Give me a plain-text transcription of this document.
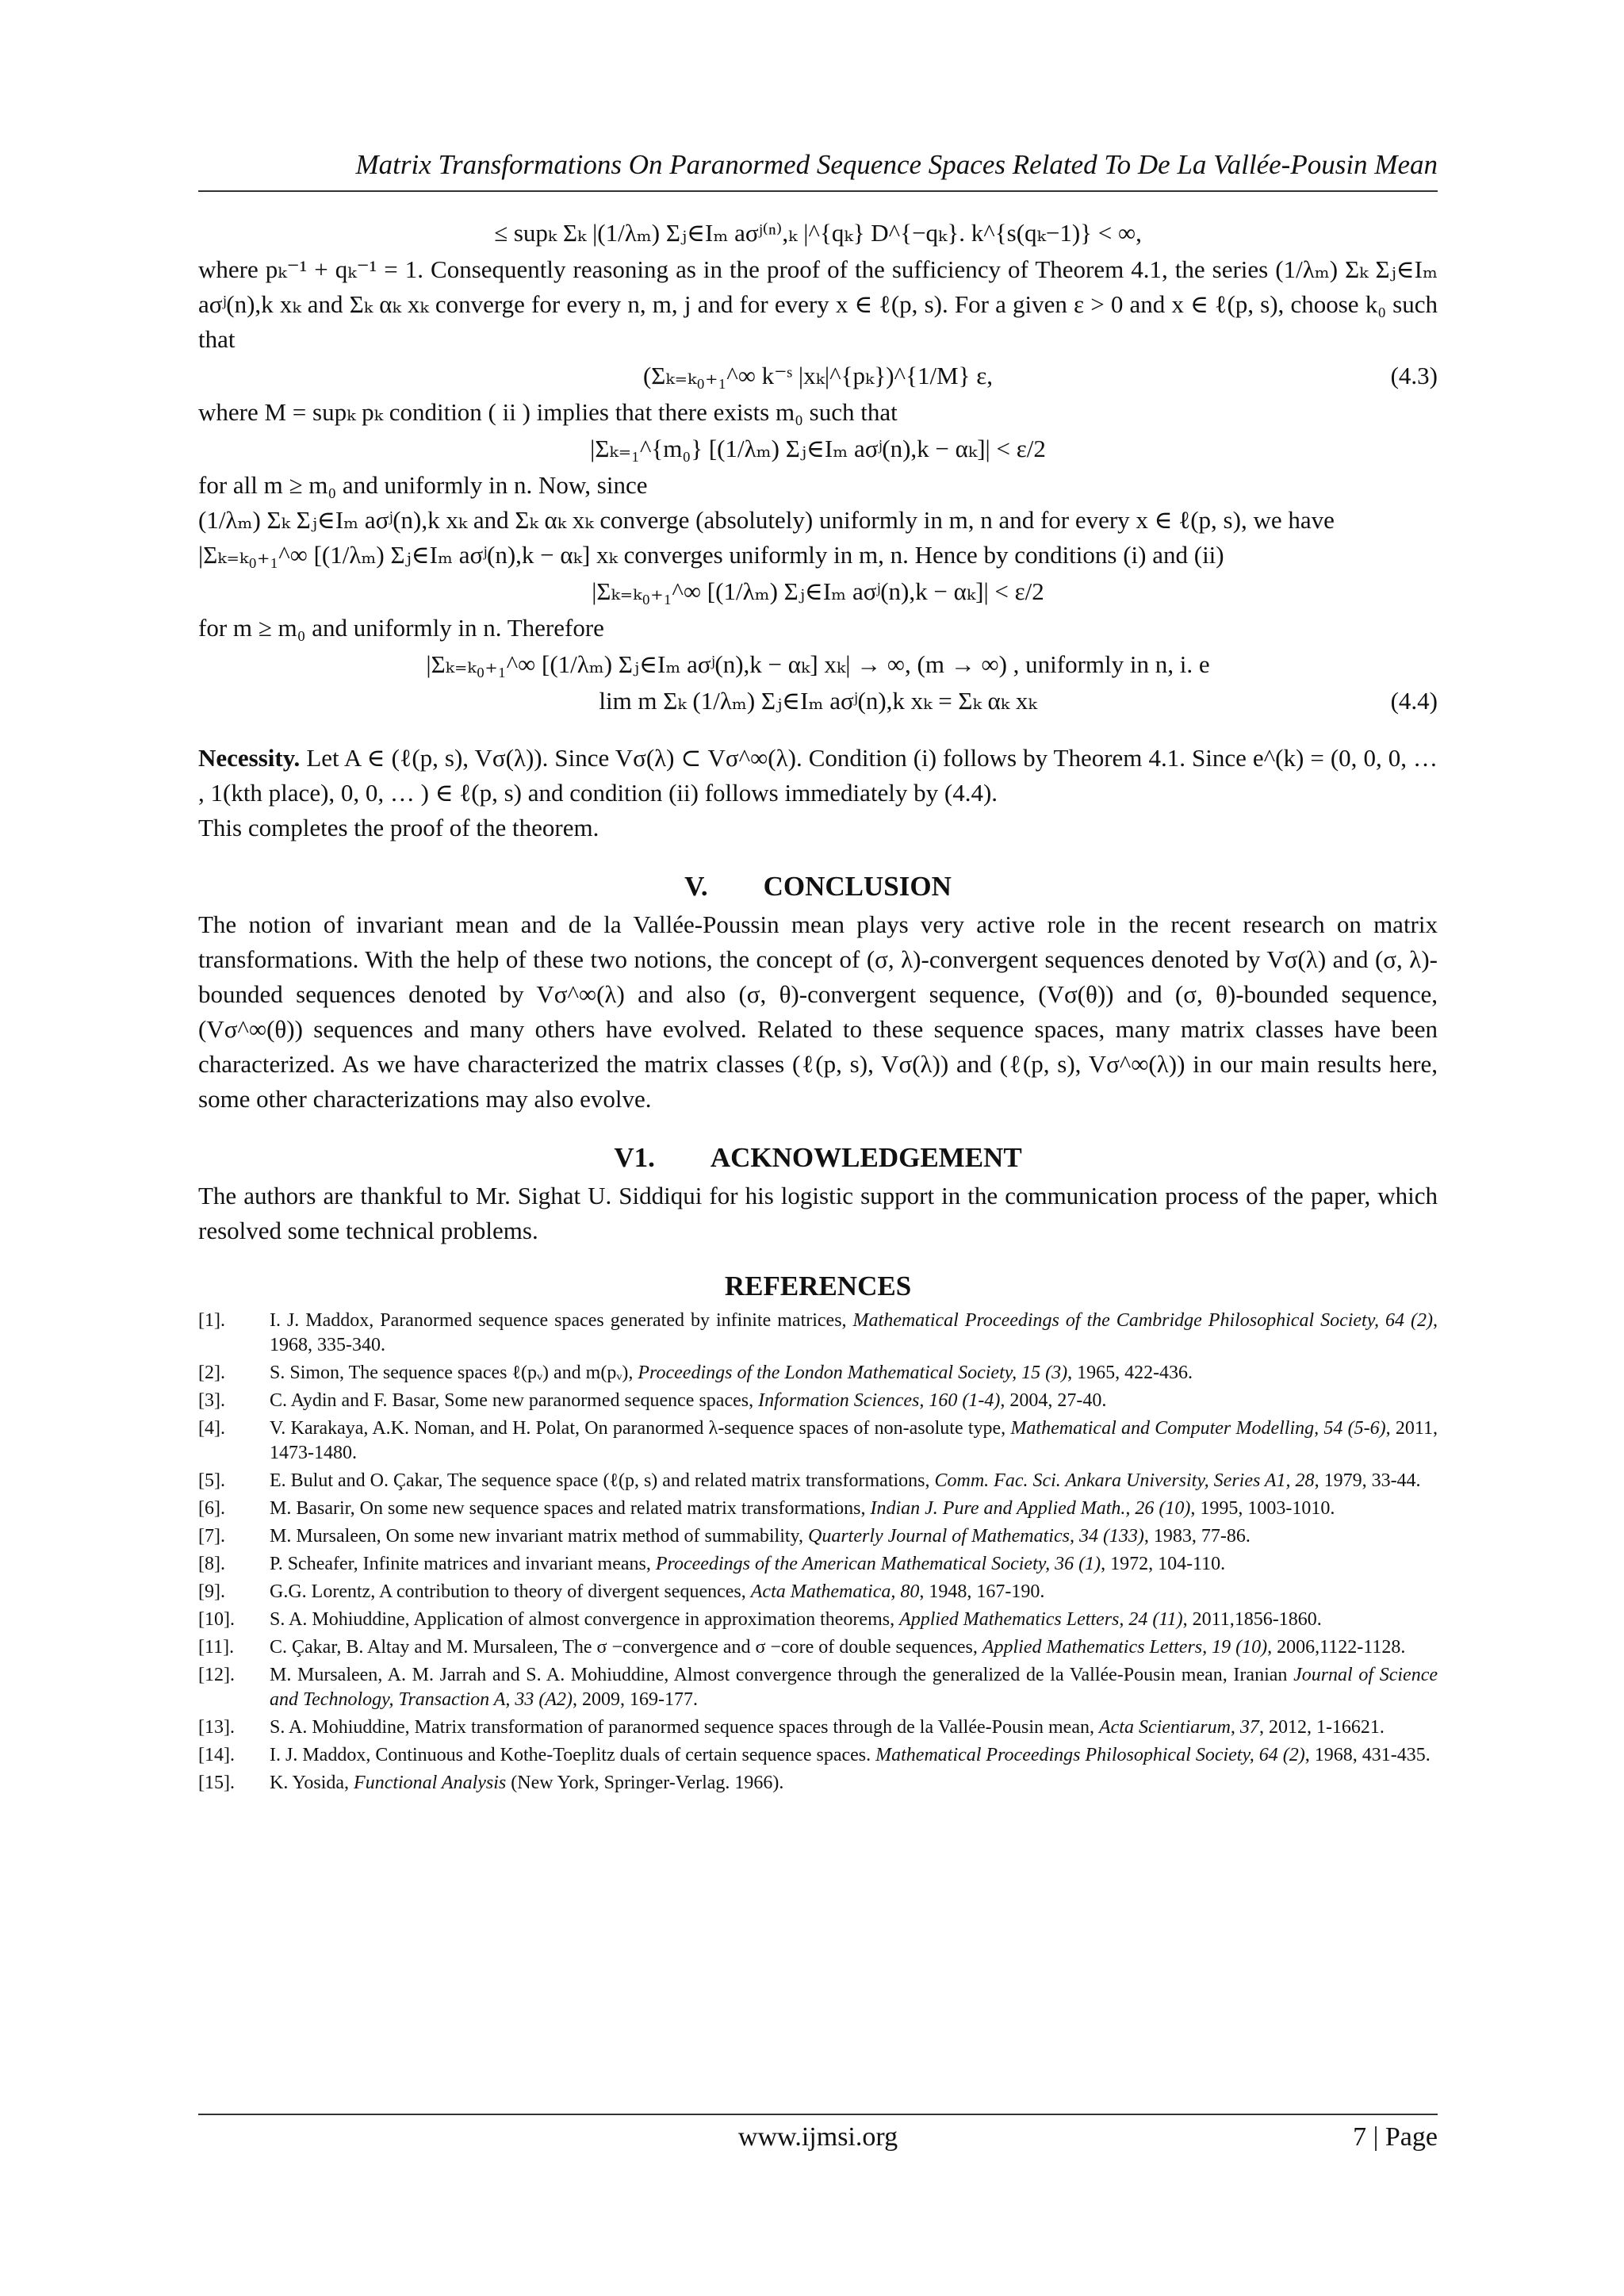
Matrix Transformations On Paranormed Sequence Spaces Related To De La Vallée-Pousin Mean
≤ supₖ Σₖ |(1/λₘ) Σⱼ∈Iₘ aσʲ⁽ⁿ⁾,ₖ |^{qₖ} D^{−qₖ}. k^{s(qₖ−1)} < ∞,

where pₖ⁻¹ + qₖ⁻¹ = 1. Consequently reasoning as in the proof of the sufficiency of Theorem 4.1, the series (1/λₘ) Σₖ Σⱼ∈Iₘ aσʲ(n),k xₖ and Σₖ αₖ xₖ converge for every n, m, j and for every x ∈ ℓ(p, s). For a given ε > 0 and x ∈ ℓ(p, s), choose k₀ such that

(Σₖ₌ₖ₀₊₁^∞ k⁻ˢ |xₖ|^{pₖ})^{1/M} ε,	(4.3)

where M = supₖ pₖ condition ( ii ) implies that there exists m₀ such that

|Σₖ₌₁^{m₀} [(1/λₘ) Σⱼ∈Iₘ aσʲ(n),k − αₖ]| < ε/2

for all m ≥ m₀ and uniformly in n. Now, since

(1/λₘ) Σₖ Σⱼ∈Iₘ aσʲ(n),k xₖ and Σₖ αₖ xₖ converge (absolutely) uniformly in m, n and for every x ∈ ℓ(p, s), we have

|Σₖ₌ₖ₀₊₁^∞ [(1/λₘ) Σⱼ∈Iₘ aσʲ(n),k − αₖ] xₖ converges uniformly in m, n. Hence by conditions (i) and (ii)

|Σₖ₌ₖ₀₊₁^∞ [(1/λₘ) Σⱼ∈Iₘ aσʲ(n),k − αₖ]| < ε/2

for m ≥ m₀ and uniformly in n. Therefore

|Σₖ₌ₖ₀₊₁^∞ [(1/λₘ) Σⱼ∈Iₘ aσʲ(n),k − αₖ] xₖ| → ∞, (m → ∞) , uniformly in n, i. e
lim m Σₖ (1/λₘ) Σⱼ∈Iₘ aσʲ(n),k xₖ = Σₖ αₖ xₖ	(4.4)

Necessity. Let A ∈ (ℓ(p, s), Vσ(λ)). Since Vσ(λ) ⊂ Vσ^∞(λ). Condition (i) follows by Theorem 4.1. Since e^(k) = (0, 0, 0, … , 1(kth place), 0, 0, … ) ∈ ℓ(p, s) and condition (ii) follows immediately by (4.4).

This completes the proof of the theorem.

V. CONCLUSION

The notion of invariant mean and de la Vallée-Poussin mean plays very active role in the recent research on matrix transformations. With the help of these two notions, the concept of (σ, λ)-convergent sequences denoted by Vσ(λ) and (σ, λ)-bounded sequences denoted by Vσ^∞(λ) and also (σ, θ)-convergent sequence, (Vσ(θ)) and (σ, θ)-bounded sequence, (Vσ^∞(θ)) sequences and many others have evolved. Related to these sequence spaces, many matrix classes have been characterized. As we have characterized the matrix classes (ℓ(p, s), Vσ(λ)) and (ℓ(p, s), Vσ^∞(λ)) in our main results here, some other characterizations may also evolve.

V1. ACKNOWLEDGEMENT

The authors are thankful to Mr. Sighat U. Siddiqui for his logistic support in the communication process of the paper, which resolved some technical problems.

REFERENCES
[1].	I. J. Maddox, Paranormed sequence spaces generated by infinite matrices, Mathematical Proceedings of the Cambridge Philosophical Society, 64 (2), 1968, 335-340.
[2].	S. Simon, The sequence spaces ℓ(pᵥ) and m(pᵥ), Proceedings of the London Mathematical Society, 15 (3), 1965, 422-436.
[3].	C. Aydin and F. Basar, Some new paranormed sequence spaces, Information Sciences, 160 (1-4), 2004, 27-40.
[4].	V. Karakaya, A.K. Noman, and H. Polat, On paranormed λ-sequence spaces of non-asolute type, Mathematical and Computer Modelling, 54 (5-6), 2011, 1473-1480.
[5].	E. Bulut and O. Çakar, The sequence space (ℓ(p, s) and related matrix transformations, Comm. Fac. Sci. Ankara University, Series A1, 28, 1979, 33-44.
[6].	M. Basarir, On some new sequence spaces and related matrix transformations, Indian J. Pure and Applied Math., 26 (10), 1995, 1003-1010.
[7].	M. Mursaleen, On some new invariant matrix method of summability, Quarterly Journal of Mathematics, 34 (133), 1983, 77-86.
[8].	P. Scheafer, Infinite matrices and invariant means, Proceedings of the American Mathematical Society, 36 (1), 1972, 104-110.
[9].	G.G. Lorentz, A contribution to theory of divergent sequences, Acta Mathematica, 80, 1948, 167-190.
[10].	S. A. Mohiuddine, Application of almost convergence in approximation theorems, Applied Mathematics Letters, 24 (11), 2011,1856-1860.
[11].	C. Çakar, B. Altay and M. Mursaleen, The σ −convergence and σ −core of double sequences, Applied Mathematics Letters, 19 (10), 2006,1122-1128.
[12].	M. Mursaleen, A. M. Jarrah and S. A. Mohiuddine, Almost convergence through the generalized de la Vallée-Pousin mean, Iranian Journal of Science and Technology, Transaction A, 33 (A2), 2009, 169-177.
[13].	S. A. Mohiuddine, Matrix transformation of paranormed sequence spaces through de la Vallée-Pousin mean, Acta Scientiarum, 37, 2012, 1-16621.
[14].	I. J. Maddox, Continuous and Kothe-Toeplitz duals of certain sequence spaces. Mathematical Proceedings Philosophical Society, 64 (2), 1968, 431-435.
[15].	K. Yosida, Functional Analysis (New York, Springer-Verlag. 1966).
www.ijmsi.org	7 | Page
